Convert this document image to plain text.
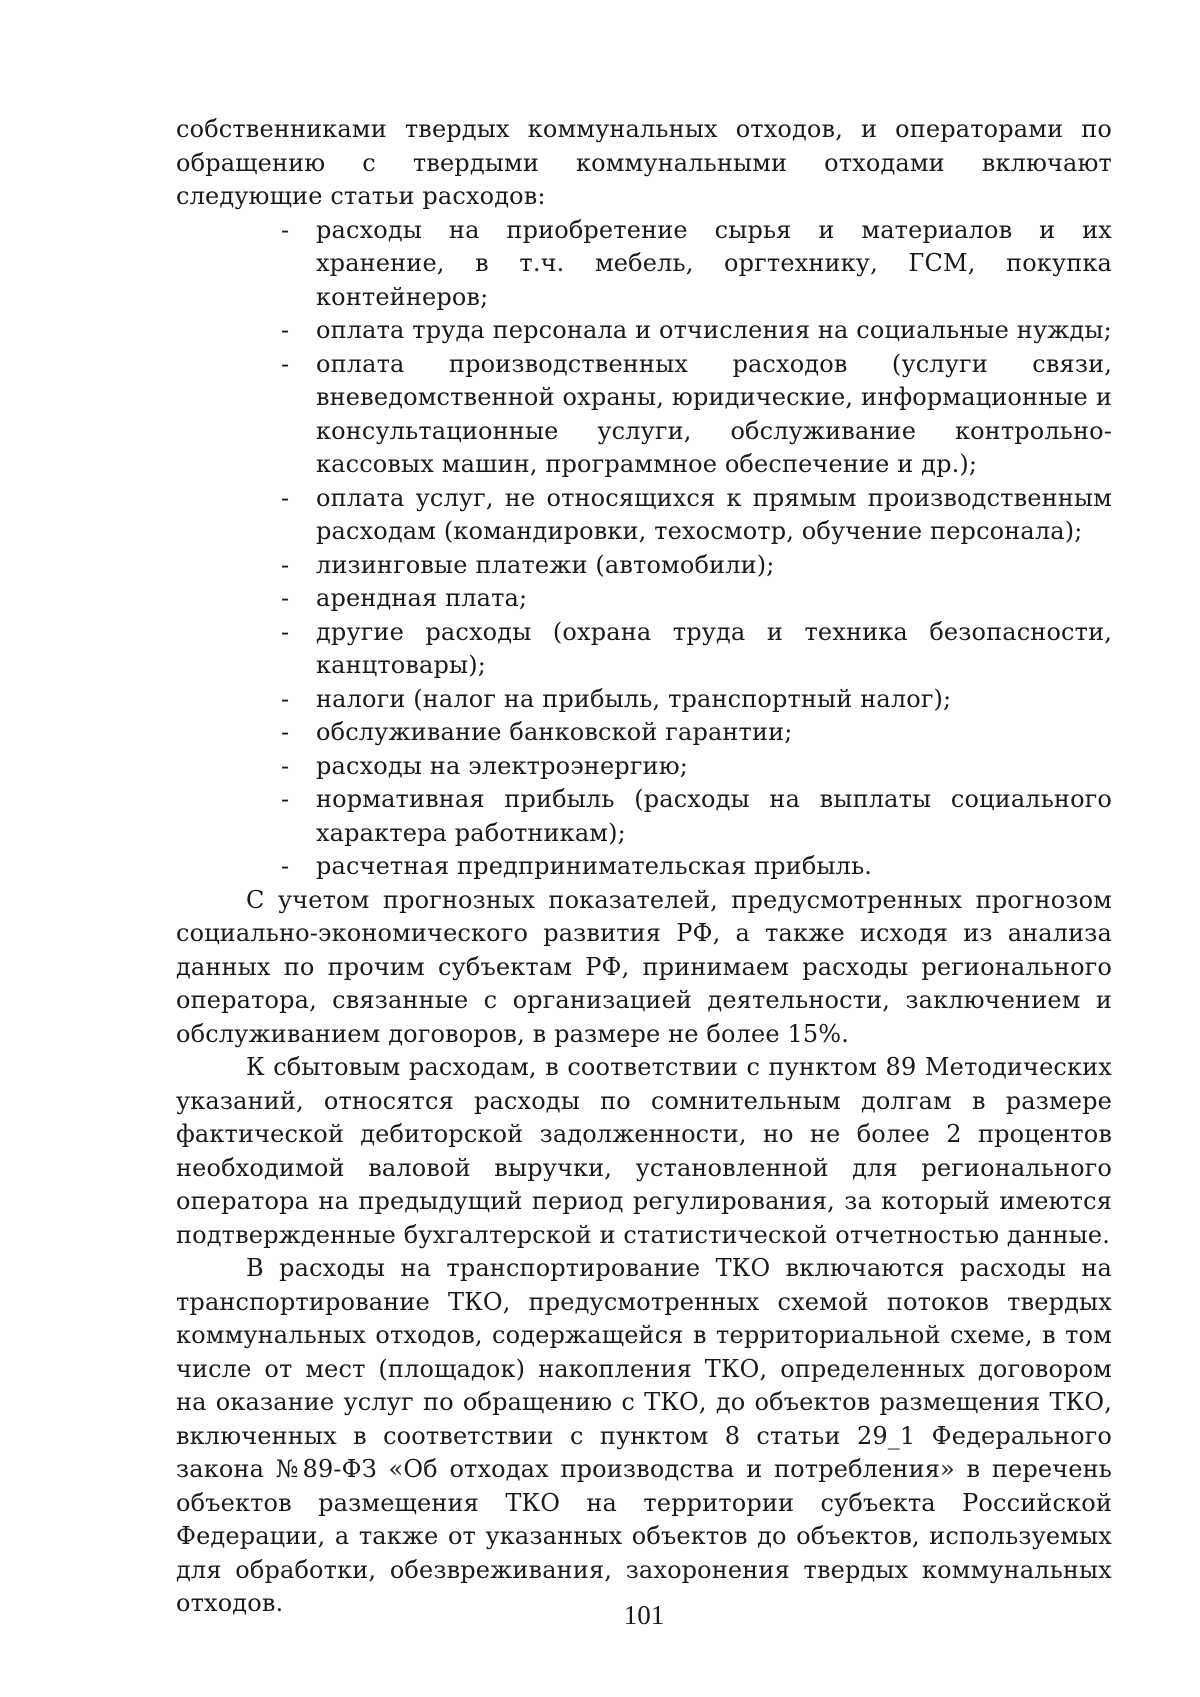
собственниками твердых коммунальных отходов, и операторами по обращению с твердыми коммунальными отходами включают следующие статьи расходов:

- расходы на приобретение сырья и материалов и их хранение, в т.ч. мебель, оргтехнику, ГСМ, покупка контейнеров;
- оплата труда персонала и отчисления на социальные нужды;
- оплата производственных расходов (услуги связи, вневедомственной охраны, юридические, информационные и консультационные услуги, обслуживание контрольно-кассовых машин, программное обеспечение и др.);
- оплата услуг, не относящихся к прямым производственным расходам (командировки, техосмотр, обучение персонала);
- лизинговые платежи (автомобили);
- арендная плата;
- другие расходы (охрана труда и техника безопасности, канцтовары);
- налоги (налог на прибыль, транспортный налог);
- обслуживание банковской гарантии;
- расходы на электроэнергию;
- нормативная прибыль (расходы на выплаты социального характера работникам);
- расчетная предпринимательская прибыль.

С учетом прогнозных показателей, предусмотренных прогнозом социально-экономического развития РФ, а также исходя из анализа данных по прочим субъектам РФ, принимаем расходы регионального оператора, связанные с организацией деятельности, заключением и обслуживанием договоров, в размере не более 15%.

К сбытовым расходам, в соответствии с пунктом 89 Методических указаний, относятся расходы по сомнительным долгам в размере фактической дебиторской задолженности, но не более 2 процентов необходимой валовой выручки, установленной для регионального оператора на предыдущий период регулирования, за который имеются подтвержденные бухгалтерской и статистической отчетностью данные.

В расходы на транспортирование ТКО включаются расходы на транспортирование ТКО, предусмотренных схемой потоков твердых коммунальных отходов, содержащейся в территориальной схеме, в том числе от мест (площадок) накопления ТКО, определенных договором на оказание услуг по обращению с ТКО, до объектов размещения ТКО, включенных в соответствии с пунктом 8 статьи 29_1 Федерального закона №89-ФЗ «Об отходах производства и потребления» в перечень объектов размещения ТКО на территории субъекта Российской Федерации, а также от указанных объектов до объектов, используемых для обработки, обезвреживания, захоронения твердых коммунальных отходов.	101
